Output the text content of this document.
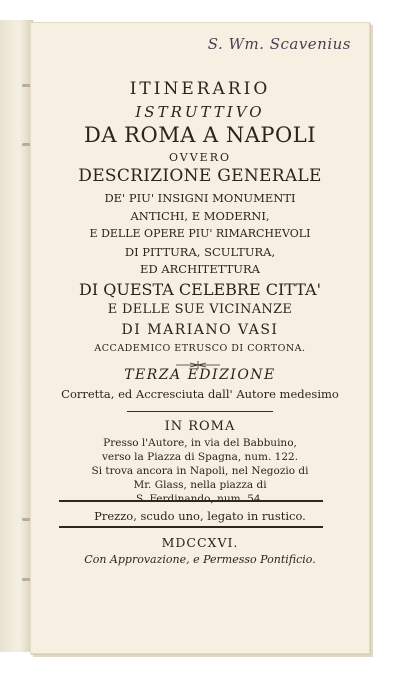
S. Wm. Scavenius
ITINERARIO
ISTRUTTIVO
DA ROMA A NAPOLI
OVVERO
DESCRIZIONE GENERALE
DE' PIU' INSIGNI MONUMENTI
ANTICHI, E MODERNI,
E DELLE OPERE PIU' RIMARCHEVOLI
DI PITTURA, SCULTURA,
ED ARCHITETTURA
DI QUESTA CELEBRE CITTA'
E DELLE SUE VICINANZE
DI MARIANO VASI
ACCADEMICO ETRUSCO DI CORTONA.
TERZA EDIZIONE
Corretta, ed Accresciuta dall' Autore medesimo
IN ROMA
Presso l'Autore, in via del Babbuino,
verso la Piazza di Spagna, num. 122.
Si trova ancora in Napoli, nel Negozio di
Mr. Glass, nella piazza di
S. Ferdinando, num. 54.
Prezzo, scudo uno, legato in rustico.
MDCCXVI.
Con Approvazione, e Permesso Pontificio.
